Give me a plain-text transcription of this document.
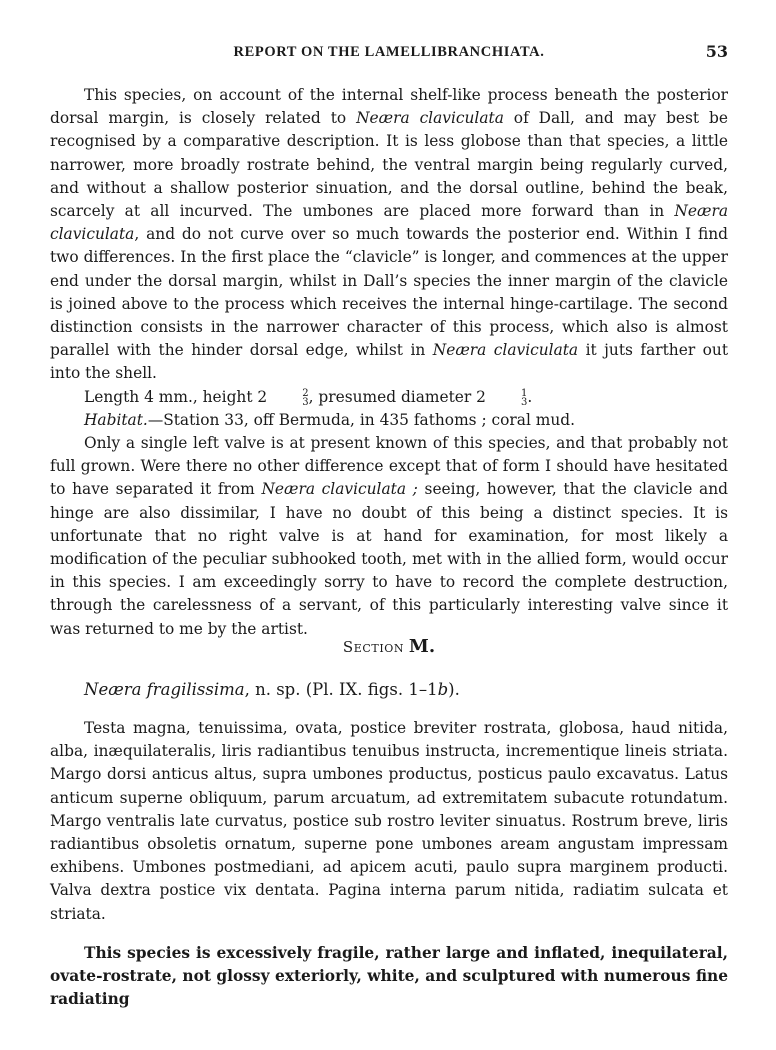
REPORT ON THE LAMELLIBRANCHIATA.	53

This species, on account of the internal shelf-like process beneath the posterior dorsal margin, is closely related to Neæra claviculata of Dall, and may best be recognised by a comparative description. It is less globose than that species, a little narrower, more broadly rostrate behind, the ventral margin being regularly curved, and without a shallow posterior sinuation, and the dorsal outline, behind the beak, scarcely at all incurved. The umbones are placed more forward than in Neæra claviculata, and do not curve over so much towards the posterior end. Within I find two differences. In the first place the “clavicle” is longer, and commences at the upper end under the dorsal margin, whilst in Dall’s species the inner margin of the clavicle is joined above to the process which receives the internal hinge-cartilage. The second distinction consists in the narrower character of this process, which also is almost parallel with the hinder dorsal edge, whilst in Neæra claviculata it juts farther out into the shell.

Length 4 mm., height 2	2
3 , presumed diameter 2	1
3 .

Habitat.—Station 33, off Bermuda, in 435 fathoms ; coral mud.

Only a single left valve is at present known of this species, and that probably not full grown. Were there no other difference except that of form I should have hesitated to have separated it from Neæra claviculata ; seeing, however, that the clavicle and hinge are also dissimilar, I have no doubt of this being a distinct species. It is unfortunate that no right valve is at hand for examination, for most likely a modification of the peculiar subhooked tooth, met with in the allied form, would occur in this species. I am exceedingly sorry to have to record the complete destruction, through the carelessness of a servant, of this particularly interesting valve since it was returned to me by the artist.

Section M.
Neæra fragilissima, n. sp. (Pl. IX. figs. 1–1b).

Testa magna, tenuissima, ovata, postice breviter rostrata, globosa, haud nitida, alba, inæquilateralis, liris radiantibus tenuibus instructa, incrementique lineis striata. Margo dorsi anticus altus, supra umbones productus, posticus paulo excavatus. Latus anticum superne obliquum, parum arcuatum, ad extremitatem subacute rotundatum. Margo ventralis late curvatus, postice sub rostro leviter sinuatus. Rostrum breve, liris radiantibus obsoletis ornatum, superne pone umbones aream angustam impressam exhibens. Umbones postmediani, ad apicem acuti, paulo supra marginem producti. Valva dextra postice vix dentata. Pagina interna parum nitida, radiatim sulcata et striata.

This species is excessively fragile, rather large and inflated, inequilateral, ovate-rostrate, not glossy exteriorly, white, and sculptured with numerous fine radiating
